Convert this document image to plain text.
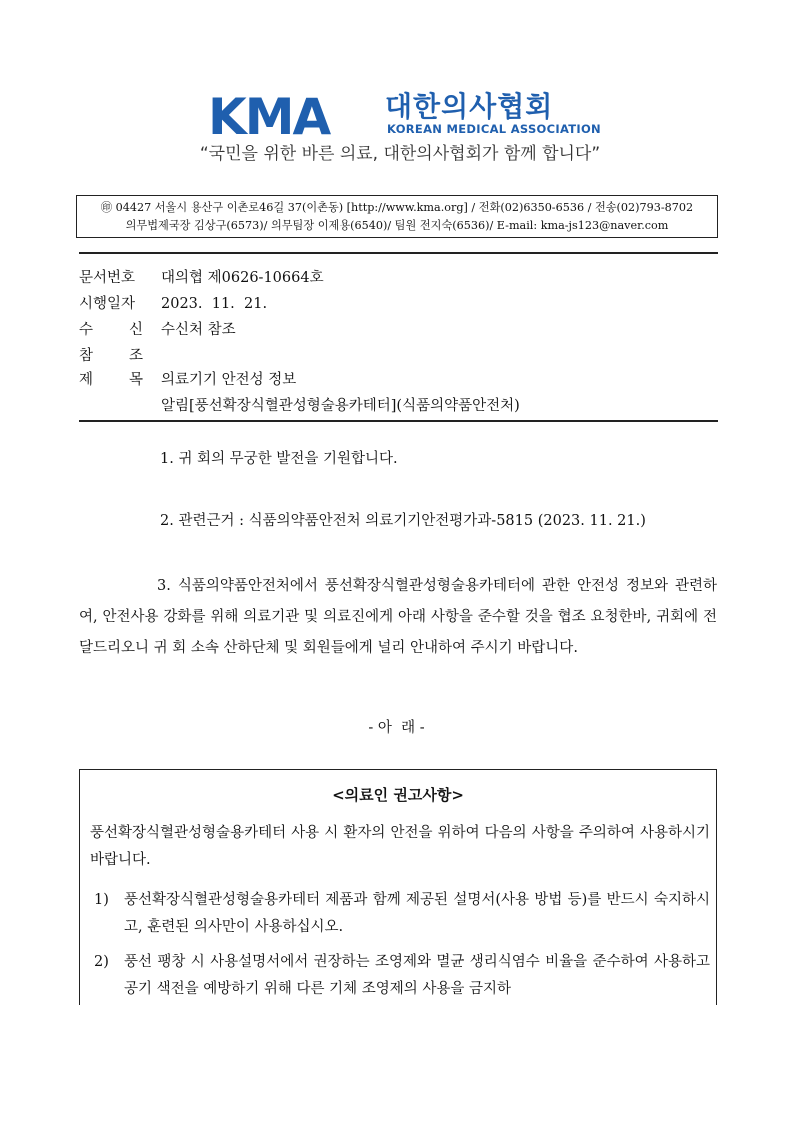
KMA 대한의사협회
KOREAN MEDICAL ASSOCIATION
“국민을 위한 바른 의료, 대한의사협회가 함께 합니다”
㊞ 04427 서울시 용산구 이촌로46길 37(이촌동) [http://www.kma.org] / 전화(02)6350-6536 / 전송(02)793-8702
의무법제국장 김상구(6573)/ 의무팀장 이제용(6540)/ 팀원 전지숙(6536)/ E-mail: kma-js123@naver.com
문서번호 대의협 제0626-10664호
시행일자 2023.  11.  21.
수 신 수신처 참조
참 조
제 목 의료기기 안전성 정보
알림[풍선확장식혈관성형술용카테터](식품의약품안전처)
1. 귀 회의 무궁한 발전을 기원합니다.
2. 관련근거 : 식품의약품안전처 의료기기안전평가과-5815 (2023. 11. 21.)
3. 식품의약품안전처에서 풍선확장식혈관성형술용카테터에 관한 안전성 정보와 관련하여, 안전사용 강화를 위해 의료기관 및 의료진에게 아래 사항을 준수할 것을 협조 요청한바, 귀회에 전달드리오니 귀 회 소속 산하단체 및 회원들에게 널리 안내하여 주시기 바랍니다.
- 아  래 -
<의료인 권고사항>
풍선확장식혈관성형술용카테터 사용 시 환자의 안전을 위하여 다음의 사항을 주의하여 사용하시기 바랍니다.
1) 풍선확장식혈관성형술용카테터 제품과 함께 제공된 설명서(사용 방법 등)를 반드시 숙지하시고, 훈련된 의사만이 사용하십시오.
2) 풍선 팽창 시 사용설명서에서 권장하는 조영제와 멸균 생리식염수 비율을 준수하여 사용하고 공기 색전을 예방하기 위해 다른 기체 조영제의 사용을 금지하
